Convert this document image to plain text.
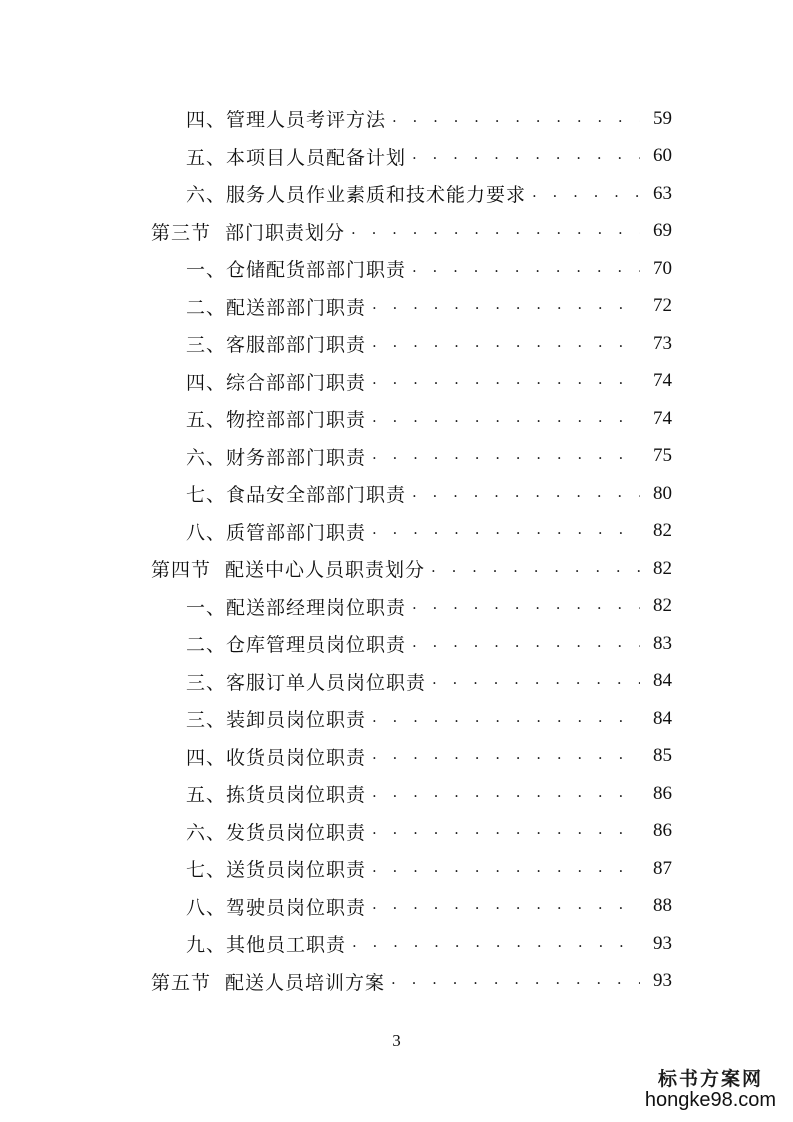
四、管理人员考评方法 . . .	59
五、本项目人员配备计划 . . .	60
六、服务人员作业素质和技术能力要求 . . .	63
第三节 部门职责划分 . . .	69
一、仓储配货部部门职责 . . .	70
二、配送部部门职责 . . .	72
三、客服部部门职责 . . .	73
四、综合部部门职责 . . .	74
五、物控部部门职责 . . .	74
六、财务部部门职责 . . .	75
七、食品安全部部门职责 . . .	80
八、质管部部门职责 . . .	82
第四节 配送中心人员职责划分 . . .	82
一、配送部经理岗位职责 . . .	82
二、仓库管理员岗位职责 . . .	83
三、客服订单人员岗位职责 . . .	84
三、装卸员岗位职责 . . .	84
四、收货员岗位职责 . . .	85
五、拣货员岗位职责 . . .	86
六、发货员岗位职责 . . .	86
七、送货员岗位职责 . . .	87
八、驾驶员岗位职责 . . .	88
九、其他员工职责 . . .	93
第五节 配送人员培训方案 . . .	93
3
标书方案网
hongke98.com
